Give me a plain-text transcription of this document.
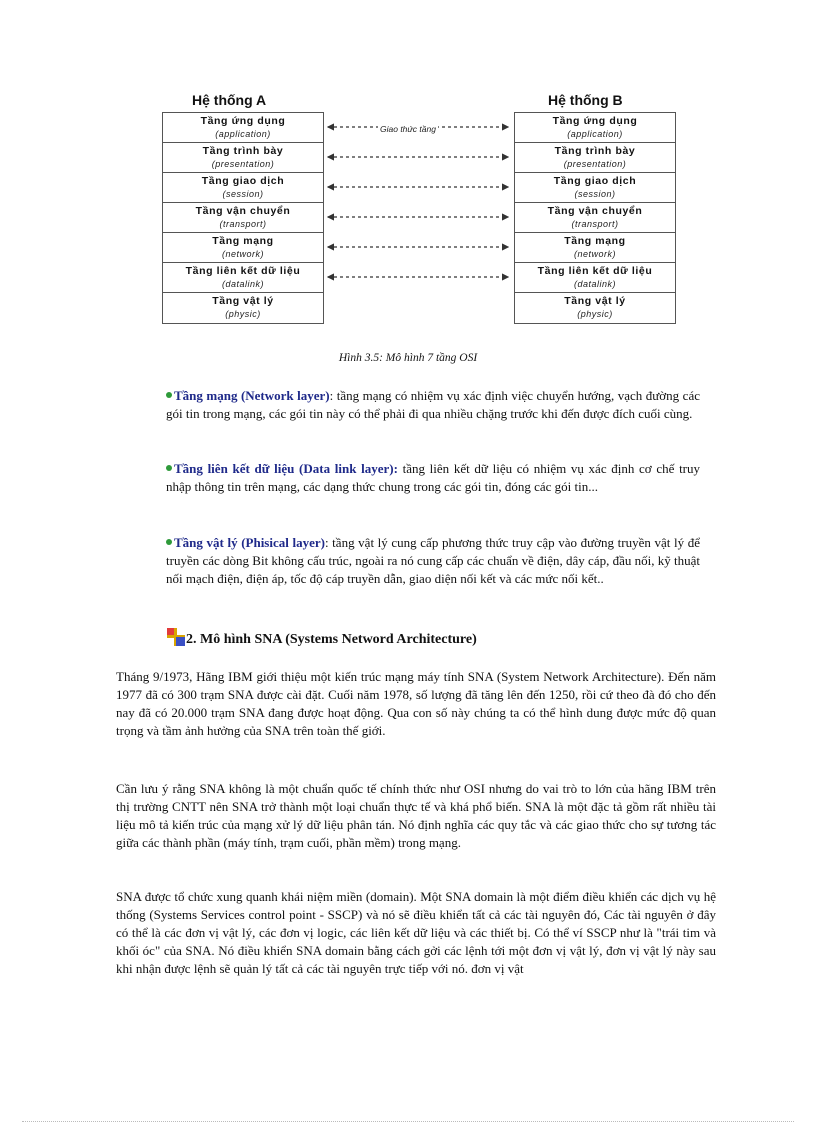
Hệ thống A	Hệ thống B
Tầng ứng dụng
(application)
Tầng trình bày
(presentation)
Tầng giao dịch
(session)
Tầng vận chuyển
(transport)
Tầng mạng
(network)
Tầng liên kết dữ liệu
(datalink)
Tầng vật lý
(physic)
Giao thức tầng
Tầng ứng dụng
(application)
Tầng trình bày
(presentation)
Tầng giao dịch
(session)
Tầng vận chuyển
(transport)
Tầng mạng
(network)
Tầng liên kết dữ liệu
(datalink)
Tầng vật lý
(physic)
Hình 3.5: Mô hình 7 tầng OSI
Tầng mạng (Network layer): tầng mạng có nhiệm vụ xác định việc chuyển hướng, vạch đường các gói tin trong mạng, các gói tin này có thể phải đi qua nhiều chặng trước khi đến được đích cuối cùng.
Tầng liên kết dữ liệu (Data link layer): tầng liên kết dữ liệu có nhiệm vụ xác định cơ chế truy nhập thông tin trên mạng, các dạng thức chung trong các gói tin, đóng các gói tin...
Tầng vật lý (Phisical layer): tầng vật lý cung cấp phương thức truy cập vào đường truyền vật lý để truyền các dòng Bit không cấu trúc, ngoài ra nó cung cấp các chuẩn về điện, dây cáp, đầu nối, kỹ thuật nối mạch điện, điện áp, tốc độ cáp truyền dẫn, giao diện nối kết và các mức nối kết..
2. Mô hình SNA (Systems Netword Architecture)
Tháng 9/1973, Hãng IBM giới thiệu một kiến trúc mạng máy tính SNA (System Network Architecture). Đến năm 1977 đã có 300 trạm SNA được cài đặt. Cuối năm 1978, số lượng đã tăng lên đến 1250, rồi cứ theo đà đó cho đến nay đã có 20.000 trạm SNA đang được hoạt động. Qua con số này chúng ta có thể hình dung được mức độ quan trọng và tầm ảnh hưởng của SNA trên toàn thế giới.
Cần lưu ý rằng SNA không là một chuẩn quốc tế chính thức như OSI nhưng do vai trò to lớn của hãng IBM trên thị trường CNTT nên SNA trở thành một loại chuẩn thực tế và khá phổ biến. SNA là một đặc tả gồm rất nhiều tài liệu mô tả kiến trúc của mạng xử lý dữ liệu phân tán. Nó định nghĩa các quy tắc và các giao thức cho sự tương tác giữa các thành phần (máy tính, trạm cuối, phần mềm) trong mạng.
SNA được tổ chức xung quanh khái niệm miền (domain). Một SNA domain là một điểm điều khiển các dịch vụ hệ thống (Systems Services control point - SSCP) và nó sẽ điều khiển tất cả các tài nguyên đó, Các tài nguyên ở đây có thể là các đơn vị vật lý, các đơn vị logic, các liên kết dữ liệu và các thiết bị. Có thể ví SSCP như là "trái tim và khối óc" của SNA. Nó điều khiển SNA domain bằng cách gởi các lệnh tới một đơn vị vật lý, đơn vị vật lý này sau khi nhận được lệnh sẽ quản lý tất cả các tài nguyên trực tiếp với nó. đơn vị vật
